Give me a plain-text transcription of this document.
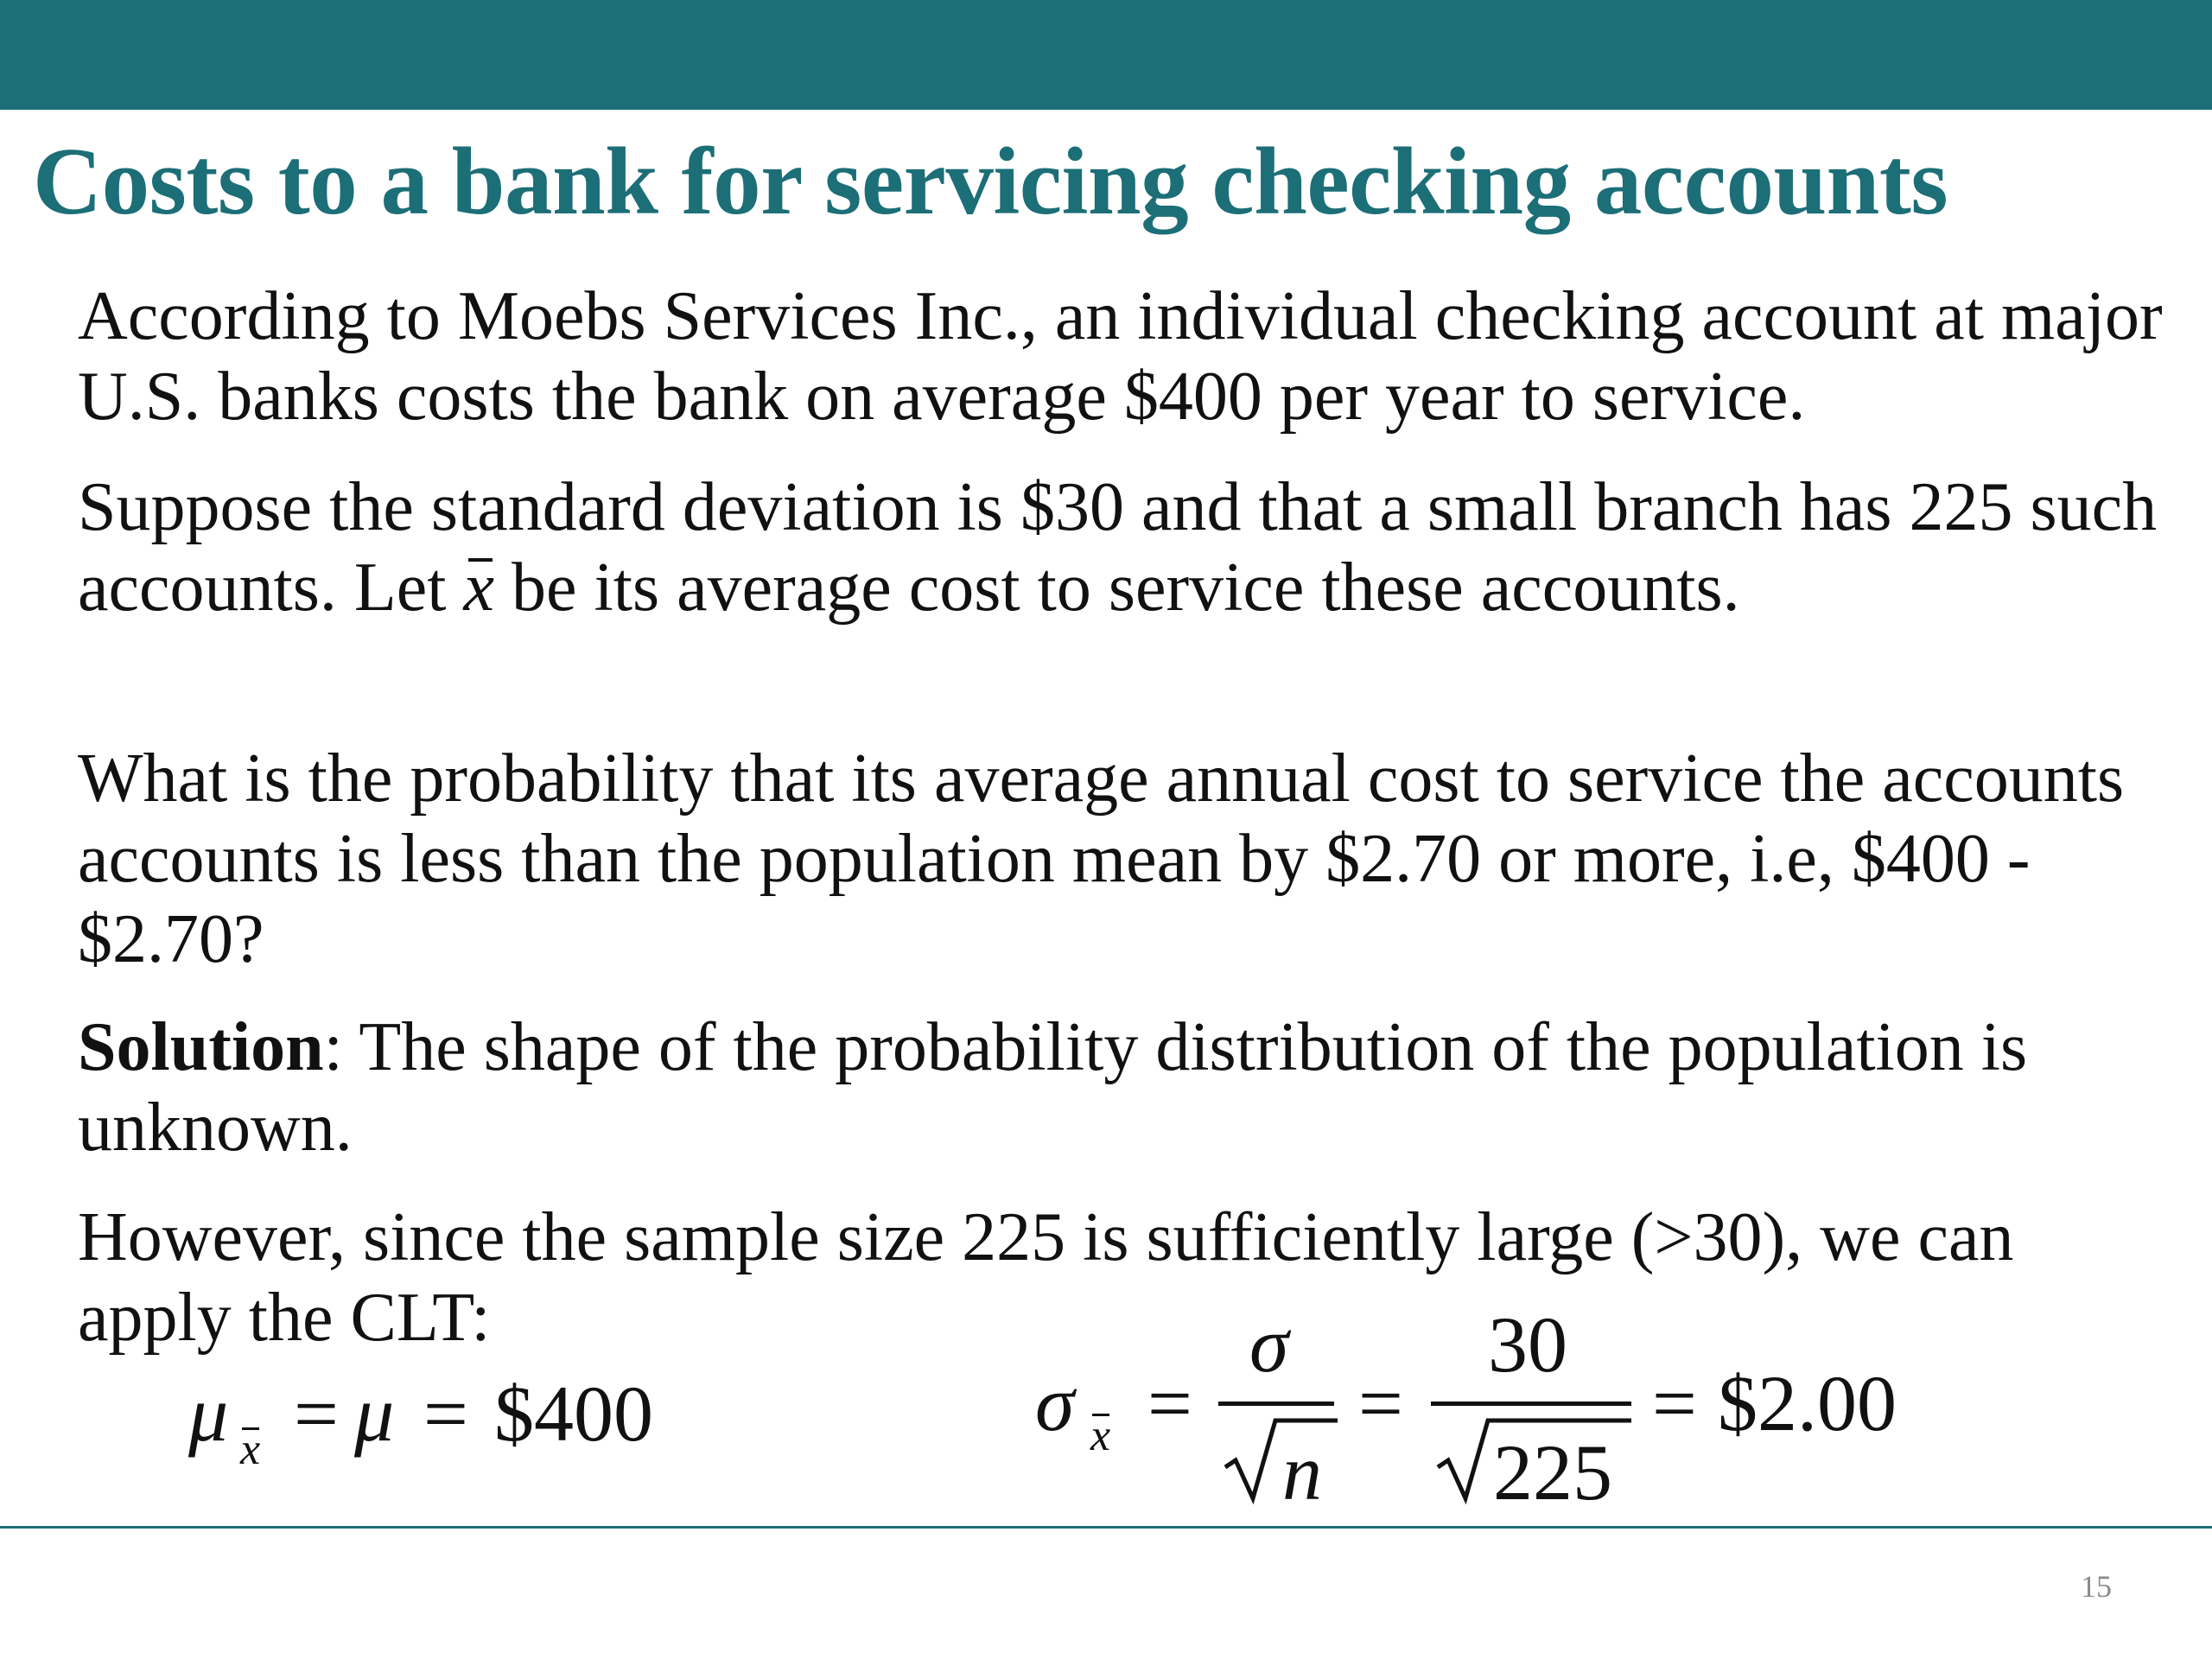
Costs to a bank for servicing checking accounts

According to Moebs Services Inc., an individual checking account at major U.S. banks costs the bank on average $400 per year to service.

Suppose the standard deviation is $30 and that a small branch has 225 such accounts. Let x be its average cost to service these accounts.

What is the probability that its average annual cost to service the accounts accounts is less than the population mean by $2.70 or more, i.e, $400 - $2.70?

Solution: The shape of the probability distribution of the population is unknown.

However, since the sample size 225 is sufficiently large (>30), we can apply the CLT:

μ x = μ = $400	σ x =
σ
n
=
30
225
= $2.00
15
